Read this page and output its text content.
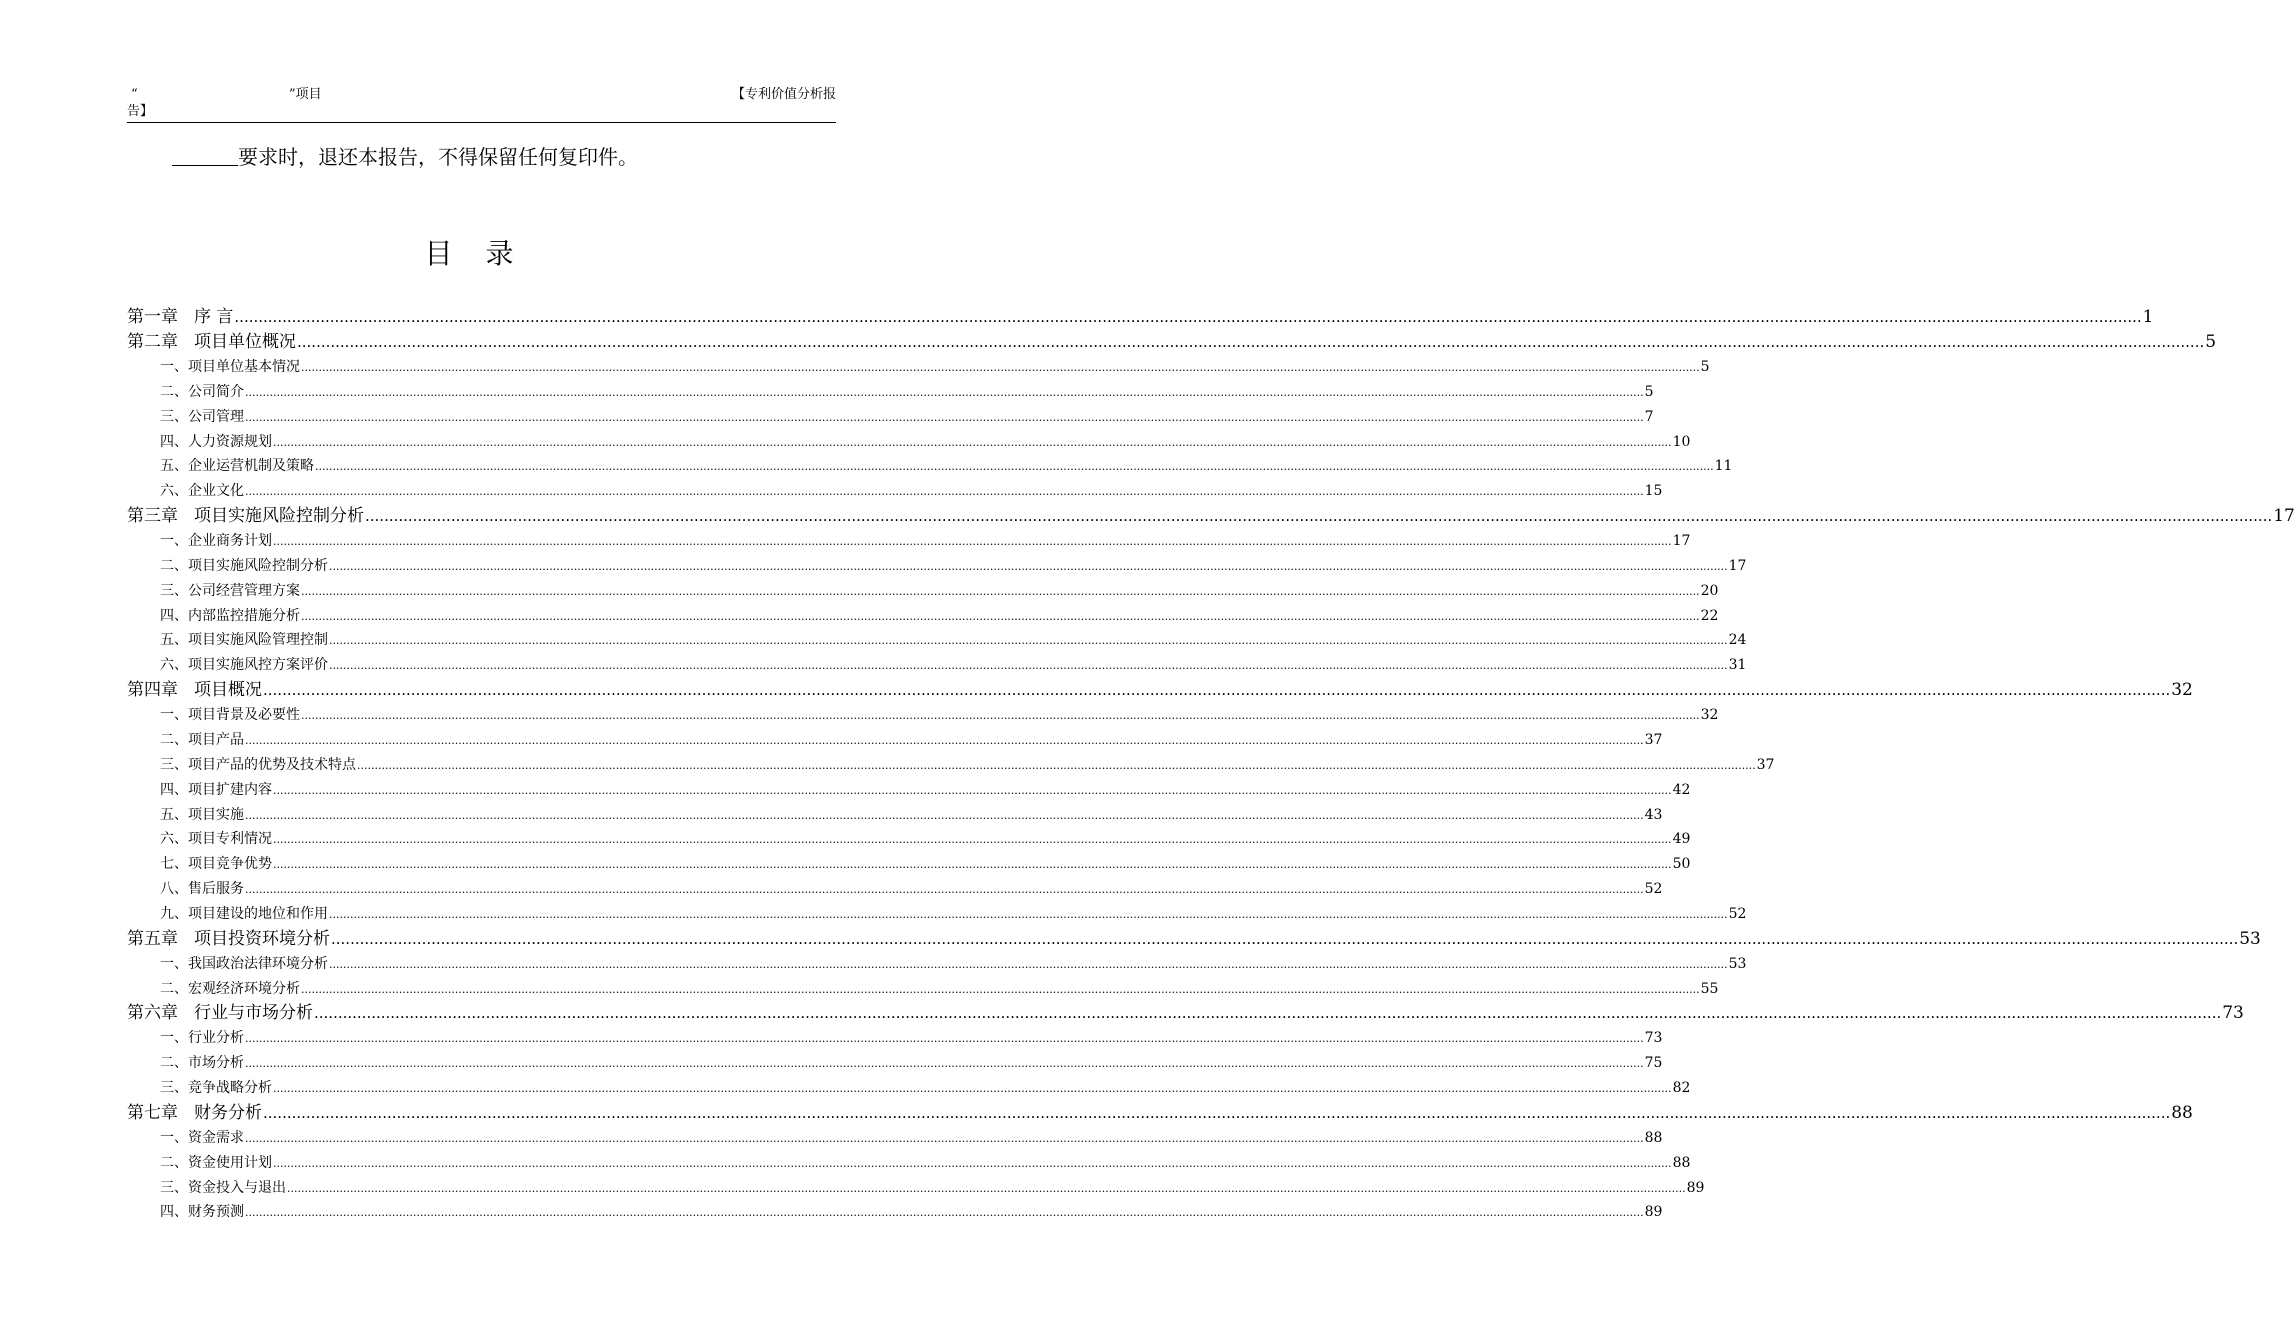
“	”项目	【专利价值分析报
告】
要求时，退还本报告，不得保留任何复印件。
目 录
第一章 序 言 ................................................................................................................................................................................................................................................................................................................................................................................................................ 1
第二章 项目单位概况 ................................................................................................................................................................................................................................................................................................................................................................................................................ 5
一、项目单位基本情况 ................................................................................................................................................................................................................................................................................................................................................................................................................ 5
二、公司简介 ................................................................................................................................................................................................................................................................................................................................................................................................................ 5
三、公司管理 ................................................................................................................................................................................................................................................................................................................................................................................................................ 7
四、人力资源规划 ................................................................................................................................................................................................................................................................................................................................................................................................................ 10
五、企业运营机制及策略 ................................................................................................................................................................................................................................................................................................................................................................................................................ 11
六、企业文化 ................................................................................................................................................................................................................................................................................................................................................................................................................ 15
第三章 项目实施风险控制分析 ................................................................................................................................................................................................................................................................................................................................................................................................................ 17
一、企业商务计划 ................................................................................................................................................................................................................................................................................................................................................................................................................ 17
二、项目实施风险控制分析 ................................................................................................................................................................................................................................................................................................................................................................................................................ 17
三、公司经营管理方案 ................................................................................................................................................................................................................................................................................................................................................................................................................ 20
四、内部监控措施分析 ................................................................................................................................................................................................................................................................................................................................................................................................................ 22
五、项目实施风险管理控制 ................................................................................................................................................................................................................................................................................................................................................................................................................ 24
六、项目实施风控方案评价 ................................................................................................................................................................................................................................................................................................................................................................................................................ 31
第四章 项目概况 ................................................................................................................................................................................................................................................................................................................................................................................................................ 32
一、项目背景及必要性 ................................................................................................................................................................................................................................................................................................................................................................................................................ 32
二、项目产品 ................................................................................................................................................................................................................................................................................................................................................................................................................ 37
三、项目产品的优势及技术特点 ................................................................................................................................................................................................................................................................................................................................................................................................................ 37
四、项目扩建内容 ................................................................................................................................................................................................................................................................................................................................................................................................................ 42
五、项目实施 ................................................................................................................................................................................................................................................................................................................................................................................................................ 43
六、项目专利情况 ................................................................................................................................................................................................................................................................................................................................................................................................................ 49
七、项目竞争优势 ................................................................................................................................................................................................................................................................................................................................................................................................................ 50
八、售后服务 ................................................................................................................................................................................................................................................................................................................................................................................................................ 52
九、项目建设的地位和作用 ................................................................................................................................................................................................................................................................................................................................................................................................................ 52
第五章 项目投资环境分析 ................................................................................................................................................................................................................................................................................................................................................................................................................ 53
一、我国政治法律环境分析 ................................................................................................................................................................................................................................................................................................................................................................................................................ 53
二、宏观经济环境分析 ................................................................................................................................................................................................................................................................................................................................................................................................................ 55
第六章 行业与市场分析 ................................................................................................................................................................................................................................................................................................................................................................................................................ 73
一、行业分析 ................................................................................................................................................................................................................................................................................................................................................................................................................ 73
二、市场分析 ................................................................................................................................................................................................................................................................................................................................................................................................................ 75
三、竞争战略分析 ................................................................................................................................................................................................................................................................................................................................................................................................................ 82
第七章 财务分析 ................................................................................................................................................................................................................................................................................................................................................................................................................ 88
一、资金需求 ................................................................................................................................................................................................................................................................................................................................................................................................................ 88
二、资金使用计划 ................................................................................................................................................................................................................................................................................................................................................................................................................ 88
三、资金投入与退出 ................................................................................................................................................................................................................................................................................................................................................................................................................ 89
四、财务预测 ................................................................................................................................................................................................................................................................................................................................................................................................................ 89
